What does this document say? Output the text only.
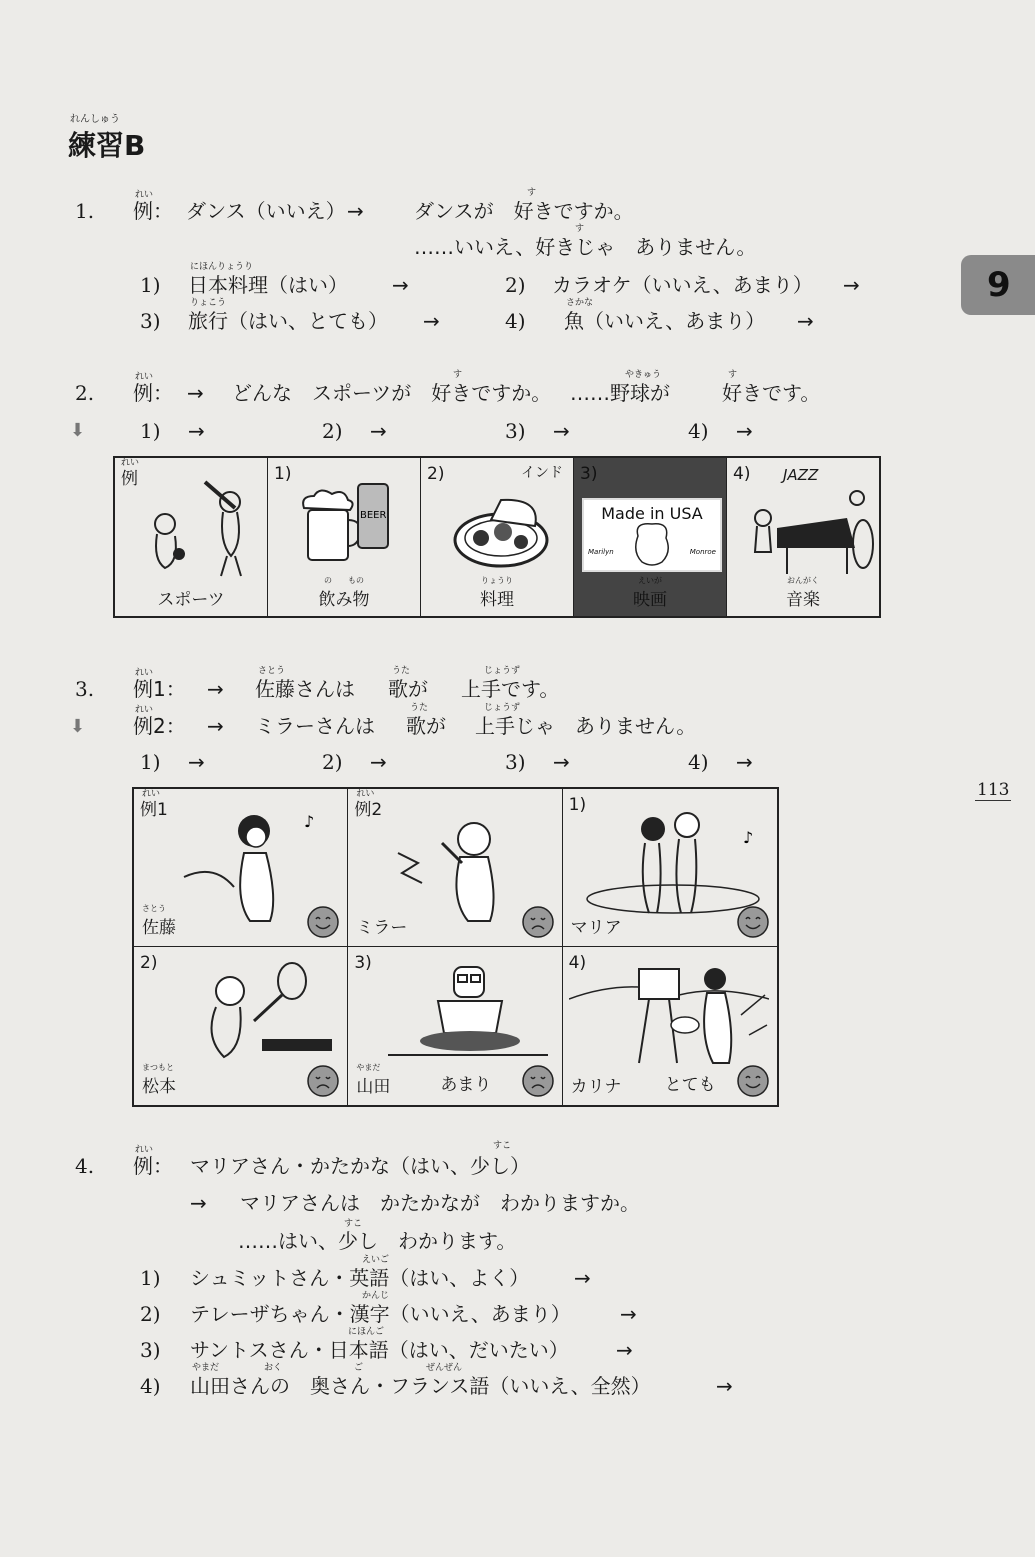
れんしゅう
練習B
9
113
1.
れい
例： ダンス（いいえ） →
す
ダンスが　好きですか。
す
……いいえ、好きじゃ　ありません。
1)
にほんりょうり
日本料理（はい） →	2) カラオケ（いいえ、あまり） →
3)
りょこう
旅行（はい、とても） →	4)
さかな
魚（いいえ、あまり） →
2.
れい
例： →
す
どんな　スポーツが　好きですか。
やきゅう
……野球が
す
好きです。
⬇	1) →	2) →	3) →	4) →
れい
例
スポーツ
1)
BEER
の　　もの
飲み物
2)	インド
りょうり
料理
3)
Made in USA
Marilyn	Monroe
えいが
映画
4) JAZZ
おんがく
音楽
3.
れい
例1： →
さとう
佐藤さんは
うた
歌が
じょうず
上手です。
⬇
れい
例2： → ミラーさんは
うた
歌が
じょうず
上手じゃ　ありません。
1) →	2) →	3) →	4) →
れい
例1
♪
さとう
佐藤
れい
例2
ミラー
1)
♪
マリア
2)
まつもと
松本
3)
やまだ
山田	あまり
4)
カリナ	とても
4.
れい
例：
すこ
マリアさん・かたかな（はい、少し）
→ マリアさんは　かたかなが　わかりますか。
すこ
……はい、少し　わかります。
1)
えいご
シュミットさん・英語（はい、よく） →
2)
かんじ
テレーザちゃん・漢字（いいえ、あまり） →
3)
にほんご
サントスさん・日本語（はい、だいたい） →
4)
やまだ　　　　　おく　　　　　　　　ご　　　　　　　ぜんぜん
山田さんの　奥さん・フランス語（いいえ、全然）	→
